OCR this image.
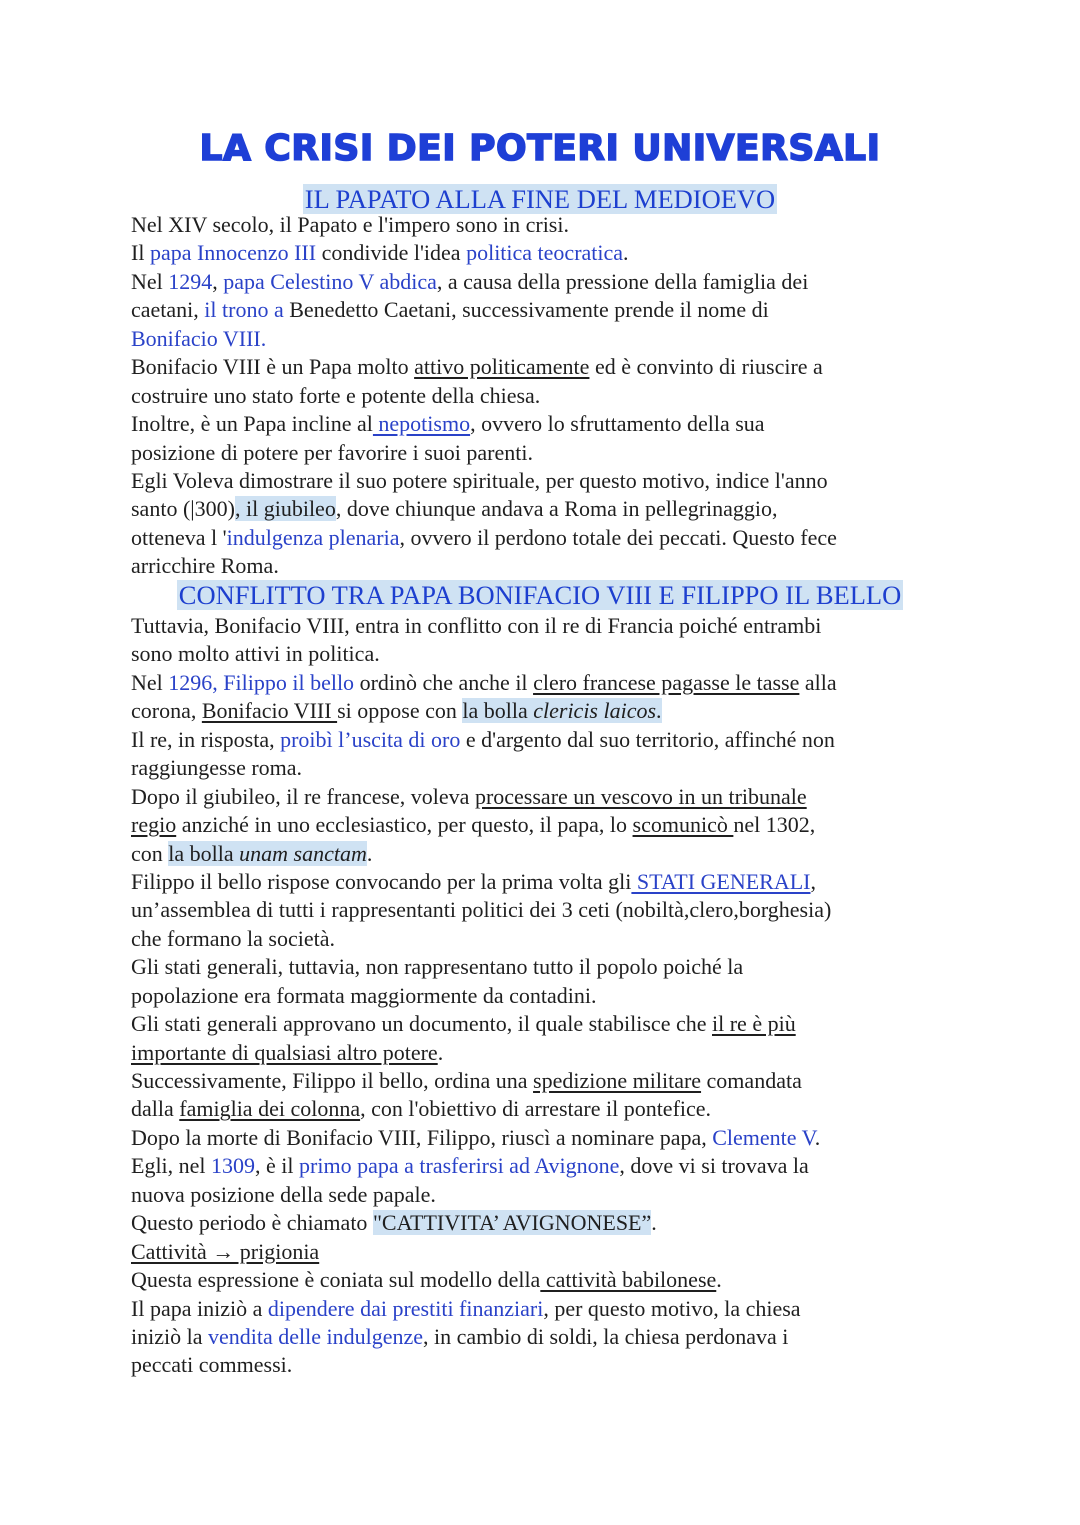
LA CRISI DEI POTERI UNIVERSALI
IL PAPATO ALLA FINE DEL MEDIOEVO
Nel XIV secolo, il Papato e l'impero sono in crisi.
Il papa Innocenzo III condivide l'idea politica teocratica.
Nel 1294, papa Celestino V abdica, a causa della pressione della famiglia dei
caetani, il trono a Benedetto Caetani, successivamente prende il nome di
Bonifacio VIII.
Bonifacio VIII è un Papa molto attivo politicamente ed è convinto di riuscire a
costruire uno stato forte e potente della chiesa.
Inoltre, è un Papa incline al nepotismo, ovvero lo sfruttamento della sua
posizione di potere per favorire i suoi parenti.
Egli Voleva dimostrare il suo potere spirituale, per questo motivo, indice l'anno
santo (|300), il giubileo, dove chiunque andava a Roma in pellegrinaggio,
otteneva l 'indulgenza plenaria, ovvero il perdono totale dei peccati. Questo fece
arricchire Roma.
CONFLITTO TRA PAPA BONIFACIO VIII E FILIPPO IL BELLO
Tuttavia, Bonifacio VIII, entra in conflitto con il re di Francia poiché entrambi
sono molto attivi in politica.
Nel 1296, Filippo il bello ordinò che anche il clero francese pagasse le tasse alla
corona, Bonifacio VIII si oppose con la bolla clericis laicos.
Il re, in risposta, proibì l’uscita di oro e d'argento dal suo territorio, affinché non
raggiungesse roma.
Dopo il giubileo, il re francese, voleva processare un vescovo in un tribunale
regio anziché in uno ecclesiastico, per questo, il papa, lo scomunicò nel 1302,
con la bolla unam sanctam.
Filippo il bello rispose convocando per la prima volta gli STATI GENERALI,
un’assemblea di tutti i rappresentanti politici dei 3 ceti (nobiltà,clero,borghesia)
che formano la società.
Gli stati generali, tuttavia, non rappresentano tutto il popolo poiché la
popolazione era formata maggiormente da contadini.
Gli stati generali approvano un documento, il quale stabilisce che il re è più
importante di qualsiasi altro potere.
Successivamente, Filippo il bello, ordina una spedizione militare comandata
dalla famiglia dei colonna, con l'obiettivo di arrestare il pontefice.
Dopo la morte di Bonifacio VIII, Filippo, riuscì a nominare papa, Clemente V.
Egli, nel 1309, è il primo papa a trasferirsi ad Avignone, dove vi si trovava la
nuova posizione della sede papale.
Questo periodo è chiamato "CATTIVITA’ AVIGNONESE”.
Cattività → prigionia
Questa espressione è coniata sul modello della cattività babilonese.
Il papa iniziò a dipendere dai prestiti finanziari, per questo motivo, la chiesa
iniziò la vendita delle indulgenze, in cambio di soldi, la chiesa perdonava i
peccati commessi.
